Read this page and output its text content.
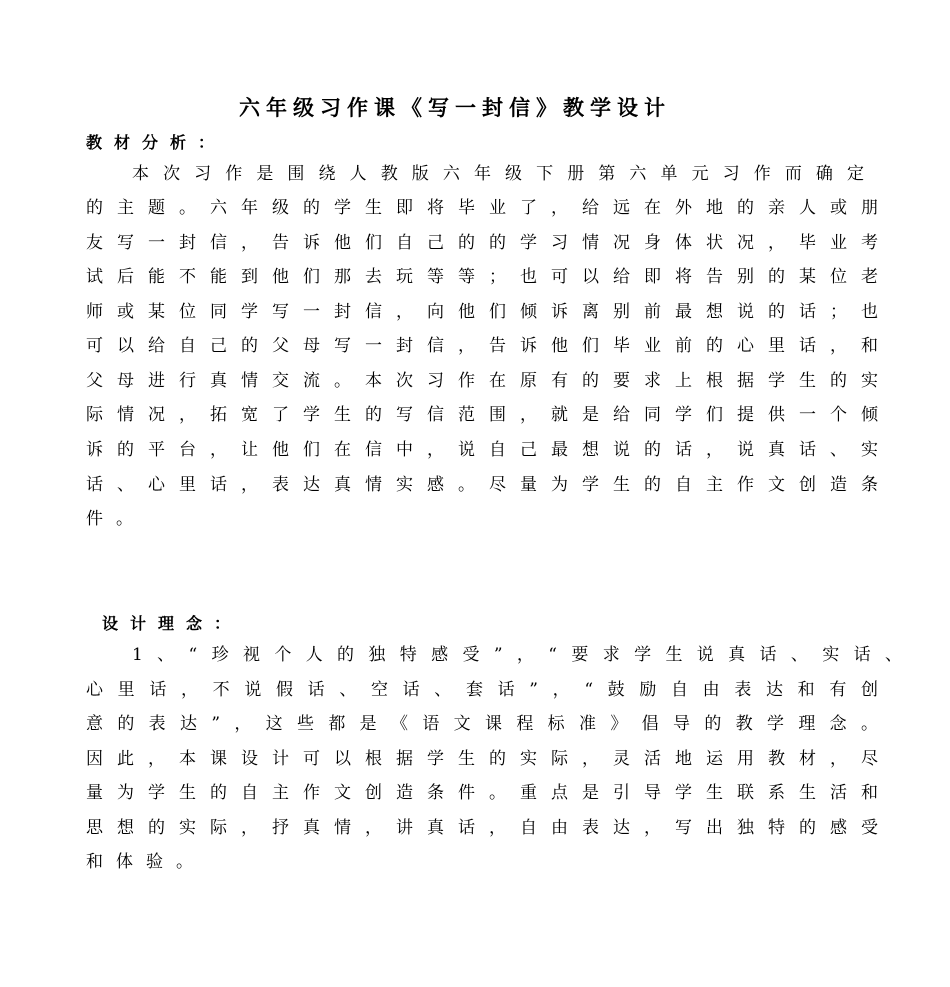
六年级习作课《写一封信》教学设计
教材分析：
本次习作是围绕人教版六年级下册第六单元习作而确定
的主题。六年级的学生即将毕业了，给远在外地的亲人或朋
友写一封信，告诉他们自己的的学习情况身体状况，毕业考
试后能不能到他们那去玩等等；也可以给即将告别的某位老
师或某位同学写一封信，向他们倾诉离别前最想说的话；也
可以给自己的父母写一封信，告诉他们毕业前的心里话，和
父母进行真情交流。本次习作在原有的要求上根据学生的实
际情况，拓宽了学生的写信范围，就是给同学们提供一个倾
诉的平台，让他们在信中，说自己最想说的话，说真话、实
话、心里话，表达真情实感。尽量为学生的自主作文创造条
件。
设计理念：
1、“珍视个人的独特感受”，“要求学生说真话、实话、
心里话，不说假话、空话、套话”，“鼓励自由表达和有创
意的表达”，这些都是《语文课程标准》倡导的教学理念。
因此，本课设计可以根据学生的实际，灵活地运用教材，尽
量为学生的自主作文创造条件。重点是引导学生联系生活和
思想的实际，抒真情，讲真话，自由表达，写出独特的感受
和体验。
